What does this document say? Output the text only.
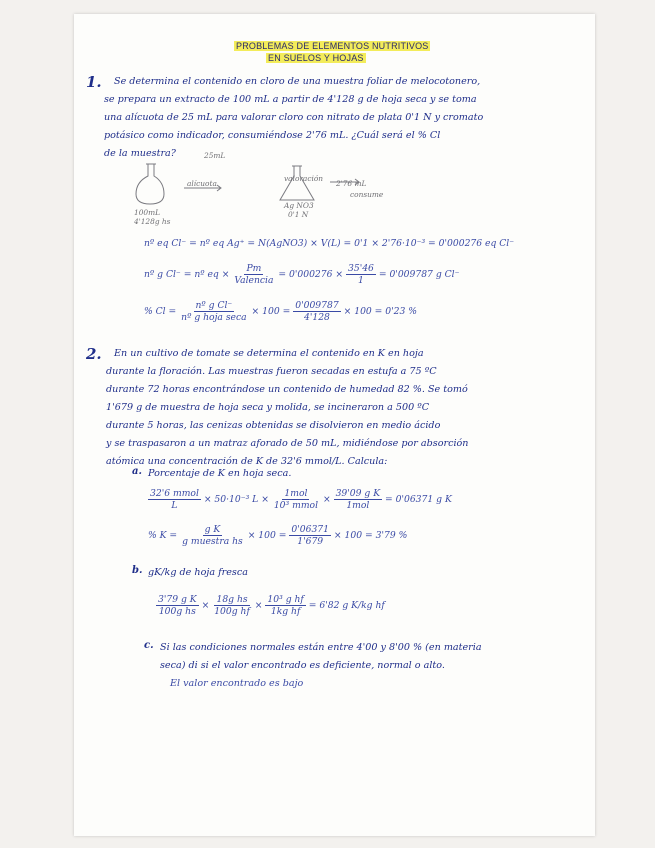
PROBLEMAS DE ELEMENTOS NUTRITIVOS
EN SUELOS Y HOJAS
1. Se determina el contenido en cloro de una muestra foliar de melocotonero,
se prepara un extracto de 100 mL a partir de 4'128 g de hoja seca y se toma
una alícuota de 25 mL para valorar cloro con nitrato de plata 0'1 N y cromato
potásico como indicador, consumiéndose 2'76 mL. ¿Cuál será el % Cl
de la muestra?	25mL
alícuota
100mL
4'128g hs
valoración
Ag NO3
0'1 N
2'76 mL
consume
nº eq Cl⁻ = nº eq Ag⁺ = N(AgNO3) × V(L) = 0'1 × 2'76·10⁻³ = 0'000276 eq Cl⁻
nº g Cl⁻ = nº eq × $\frac{Pm}{\text{Valencia}} = 0'000276 \times \frac{35'46}{1} = 0'009787$ g Cl⁻
% $Cl = \frac{\text{nº g Cl⁻}}{\text{nº g hoja seca}} \times 100 = \frac{0'009787}{4'128} \times 100 = 0'23$ %
2. En un cultivo de tomate se determina el contenido en K en hoja
durante la floración. Las muestras fueron secadas en estufa a 75 ºC
durante 72 horas encontrándose un contenido de humedad 82 %. Se tomó
1'679 g de muestra de hoja seca y molida, se incineraron a 500 ºC
durante 5 horas, las cenizas obtenidas se disolvieron en medio ácido
y se traspasaron a un matraz aforado de 50 mL, midiéndose por absorción
atómica una concentración de K de 32'6 mmol/L. Calcula:
a. Porcentaje de K en hoja seca.
$\frac{\text{32'6 mmol}}{L} \times 50\cdot 10^{-3}$ $L \times \frac{\text{1mol}}{\text{10³ mmol}} \times \frac{\text{39'09 g K}}{\text{1mol}} = 0'06371$ g K
% $K = \frac{\text{g K}}{\text{g muestra hs}} \times 100 = \frac{0'06371}{1'679} \times 100 = 3'79$ %
b. gK/kg de hoja fresca
$\frac{\text{3'79 g K}}{\text{100g hs}} \times \frac{\text{18g hs}}{\text{100g hf}} \times \frac{\text{10³ g hf}}{\text{1kg hf}} = 6'82$ g K/kg hf
c. Si las condiciones normales están entre 4'00 y 8'00 % (en materia
seca) di si el valor encontrado es deficiente, normal o alto.
El valor encontrado es bajo
